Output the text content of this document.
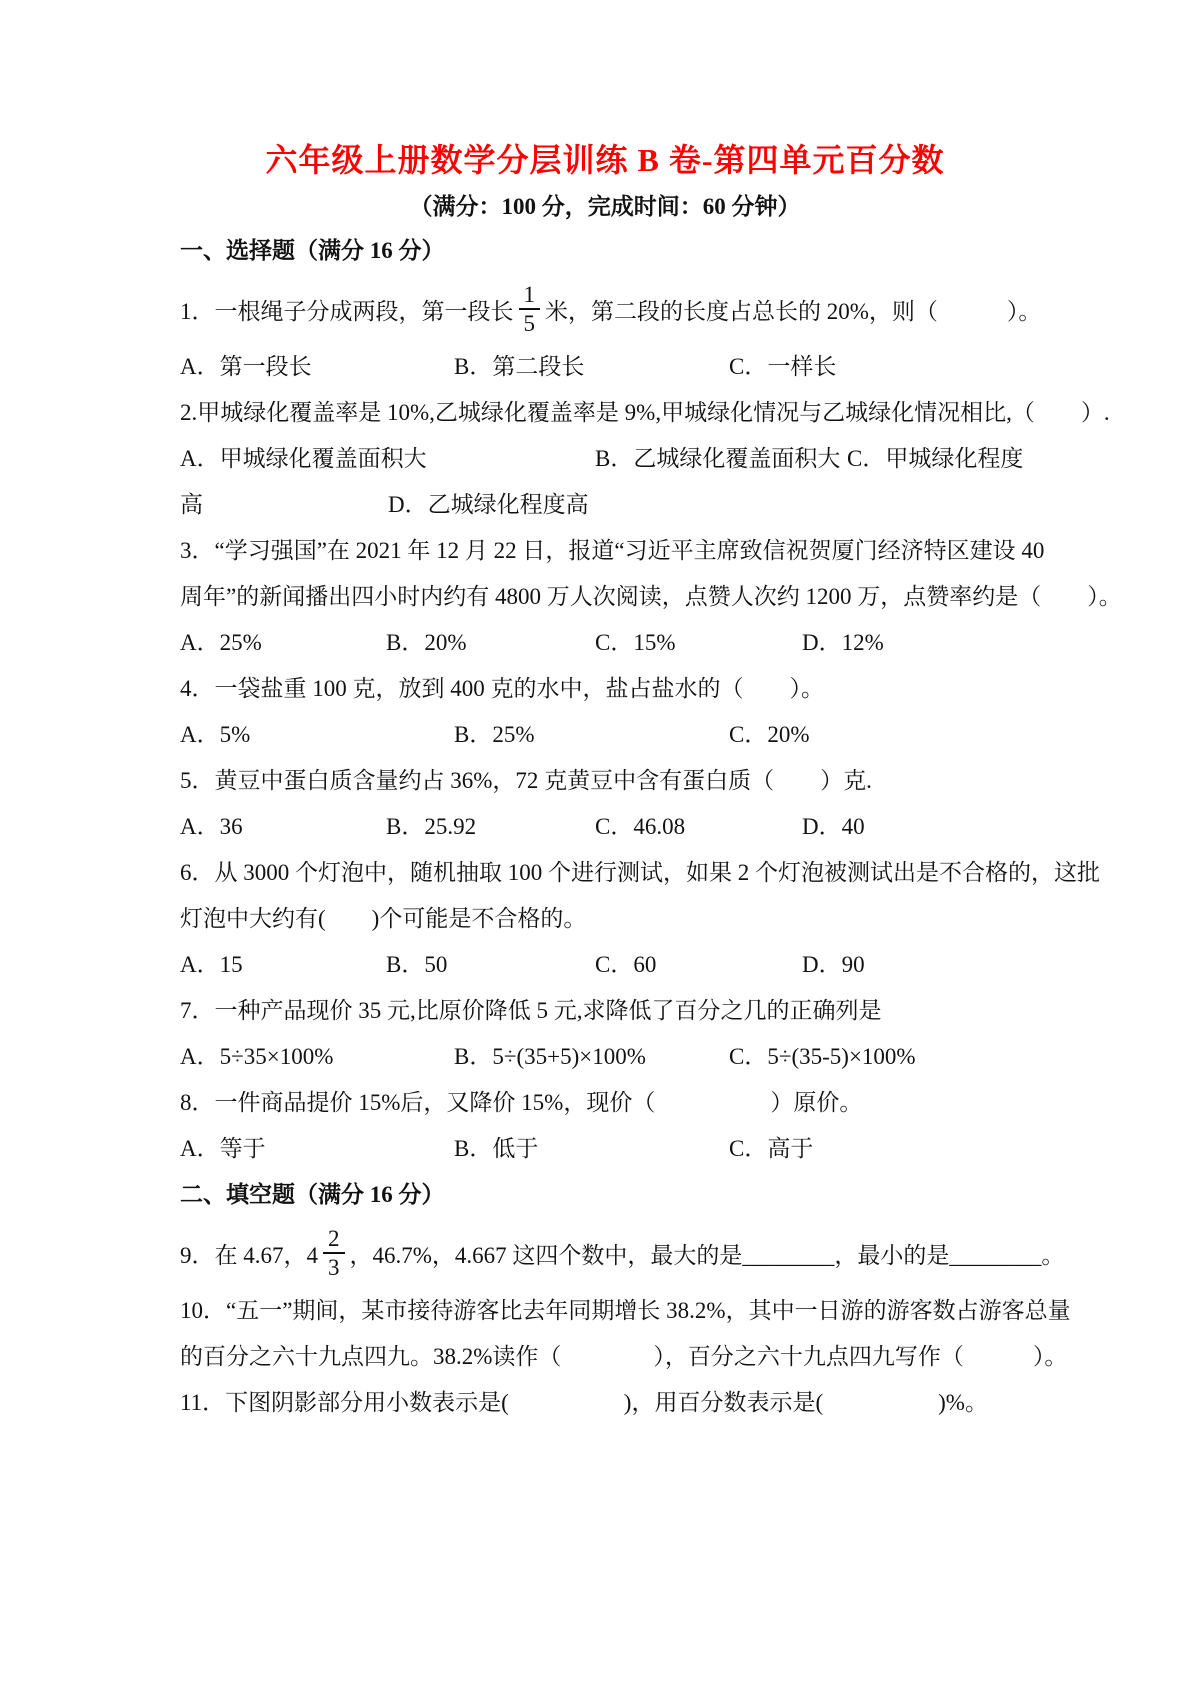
六年级上册数学分层训练 B 卷-第四单元百分数
（满分：100 分，完成时间：60 分钟）
一、选择题（满分 16 分）
1．一根绳子分成两段，第一段长 $\frac{1}{5}$ 米，第二段的长度占总长的 20%，则（　　　）。
A．第一段长	B．第二段长	C．一样长
2.甲城绿化覆盖率是 10%,乙城绿化覆盖率是 9%,甲城绿化情况与乙城绿化情况相比,（　　）.
A．甲城绿化覆盖面积大	B．乙城绿化覆盖面积大 C．甲城绿化程度
高	D．乙城绿化程度高
3．“学习强国”在 2021 年 12 月 22 日，报道“习近平主席致信祝贺厦门经济特区建设 40
周年”的新闻播出四小时内约有 4800 万人次阅读，点赞人次约 1200 万，点赞率约是（　　）。
A．25%	B．20%	C．15%	D．12%
4．一袋盐重 100 克，放到 400 克的水中，盐占盐水的（　　）。
A．5%	B．25%	C．20%
5．黄豆中蛋白质含量约占 36%，72 克黄豆中含有蛋白质（　　）克.
A．36	B．25.92	C．46.08	D．40
6．从 3000 个灯泡中，随机抽取 100 个进行测试，如果 2 个灯泡被测试出是不合格的，这批
灯泡中大约有(　　)个可能是不合格的。
A．15	B．50	C．60	D．90
7．一种产品现价 35 元,比原价降低 5 元,求降低了百分之几的正确列是
A．5÷35×100%	B．5÷(35+5)×100%	C．5÷(35-5)×100%
8．一件商品提价 15%后，又降价 15%，现价（　　　　　）原价。
A．等于	B．低于	C．高于
二、填空题（满分 16 分）
9．在 4.67，$4 \frac{2}{3}$ ，46.7%，4.667 这四个数中，最大的是________，最小的是________。
10．“五一”期间，某市接待游客比去年同期增长 38.2%，其中一日游的游客数占游客总量
的百分之六十九点四九。38.2%读作（　　　　），百分之六十九点四九写作（　　　）。
11．下图阴影部分用小数表示是(　　　　　)，用百分数表示是(　　　　　)%。
